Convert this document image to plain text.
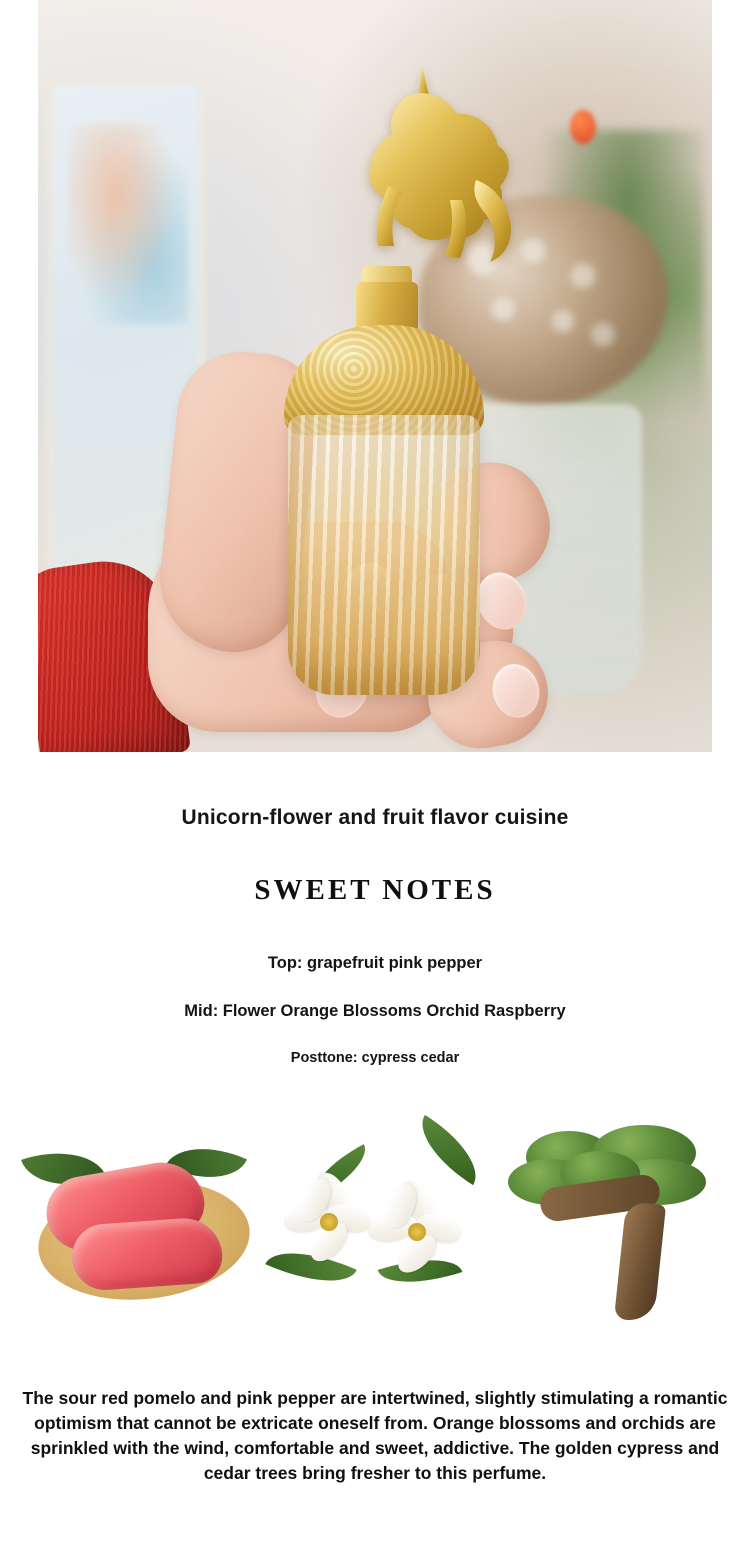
Unicorn-flower and fruit flavor cuisine
SWEET NOTES
Top: grapefruit pink pepper
Mid: Flower Orange Blossoms Orchid Raspberry
Posttone: cypress cedar
The sour red pomelo and pink pepper are intertwined, slightly stimulating a romantic optimism that cannot be extricate oneself from. Orange blossoms and orchids are sprinkled with the wind, comfortable and sweet, addictive. The golden cypress and cedar trees bring fresher to this perfume.
